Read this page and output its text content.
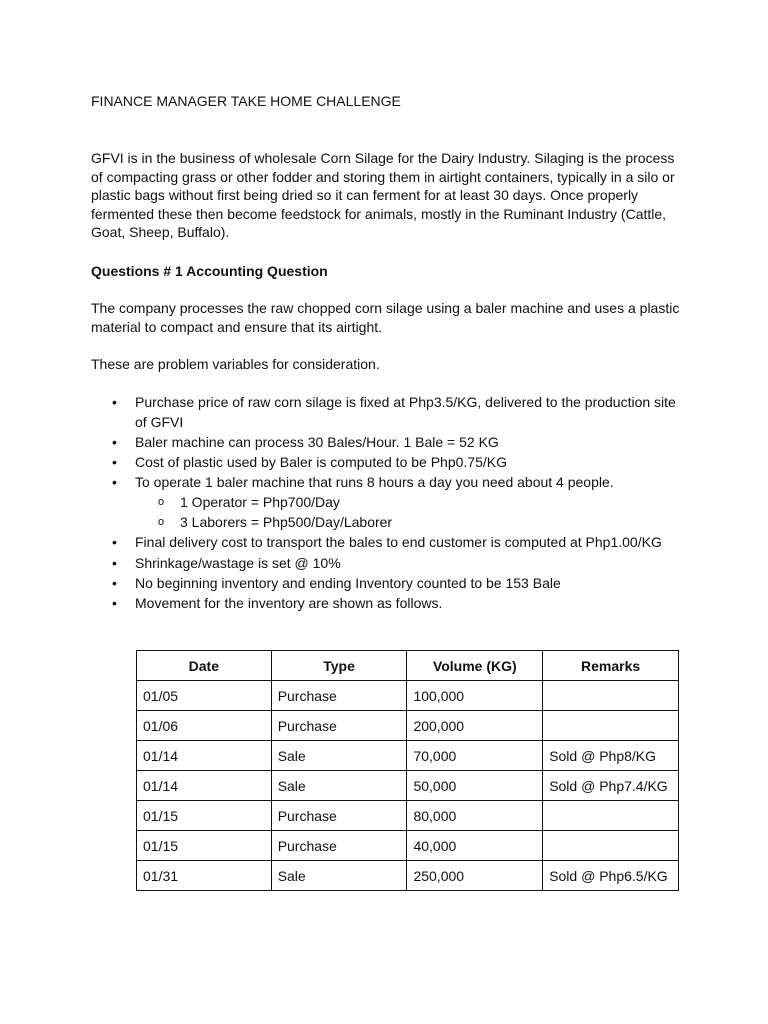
FINANCE MANAGER TAKE HOME CHALLENGE

GFVI is in the business of wholesale Corn Silage for the Dairy Industry. Silaging is the process of compacting grass or other fodder and storing them in airtight containers, typically in a silo or plastic bags without first being dried so it can ferment for at least 30 days. Once properly fermented these then become feedstock for animals, mostly in the Ruminant Industry (Cattle, Goat, Sheep, Buffalo).

Questions # 1 Accounting Question

The company processes the raw chopped corn silage using a baler machine and uses a plastic material to compact and ensure that its airtight.

These are problem variables for consideration.

• Purchase price of raw corn silage is fixed at Php3.5/KG, delivered to the production site of GFVI
• Baler machine can process 30 Bales/Hour. 1 Bale = 52 KG
• Cost of plastic used by Baler is computed to be Php0.75/KG
• To operate 1 baler machine that runs 8 hours a day you need about 4 people.
o 1 Operator = Php700/Day
o 3 Laborers = Php500/Day/Laborer
• Final delivery cost to transport the bales to end customer is computed at Php1.00/KG
• Shrinkage/wastage is set @ 10%
• No beginning inventory and ending Inventory counted to be 153 Bale
• Movement for the inventory are shown as follows.
Date	Type	Volume (KG)	Remarks
01/05	Purchase	100,000	
01/06	Purchase	200,000	
01/14	Sale	70,000	Sold @ Php8/KG
01/14	Sale	50,000	Sold @ Php7.4/KG
01/15	Purchase	80,000	
01/15	Purchase	40,000	
01/31	Sale	250,000	Sold @ Php6.5/KG
